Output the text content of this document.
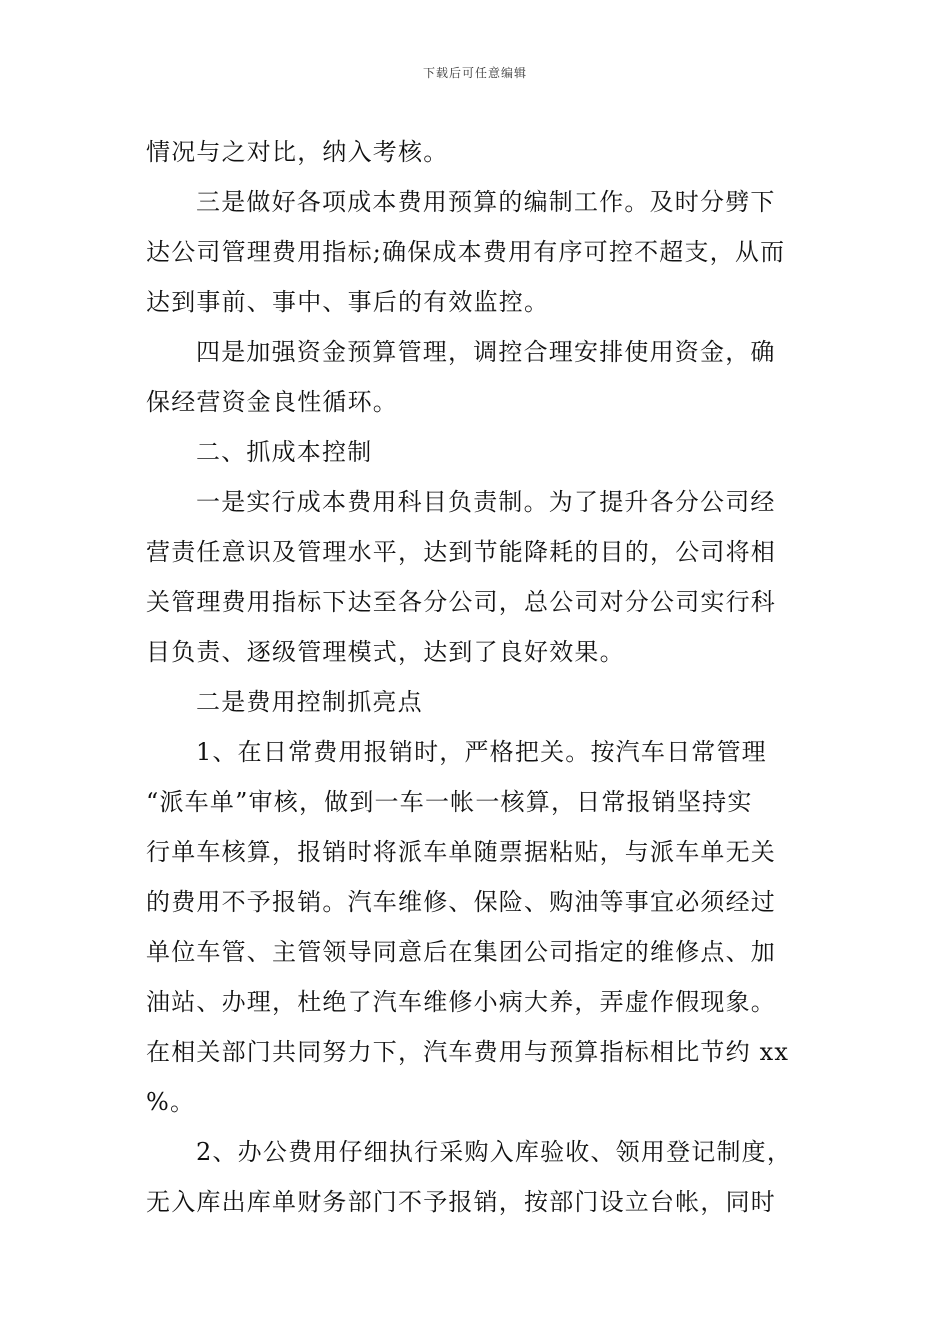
下载后可任意编辑
情况与之对比，纳入考核。
三是做好各项成本费用预算的编制工作。及时分劈下
达公司管理费用指标;确保成本费用有序可控不超支，从而
达到事前、事中、事后的有效监控。
四是加强资金预算管理，调控合理安排使用资金，确
保经营资金良性循环。
二、抓成本控制
一是实行成本费用科目负责制。为了提升各分公司经
营责任意识及管理水平，达到节能降耗的目的，公司将相
关管理费用指标下达至各分公司，总公司对分公司实行科
目负责、逐级管理模式，达到了良好效果。
二是费用控制抓亮点
1、在日常费用报销时，严格把关。按汽车日常管理
“派车单”审核，做到一车一帐一核算，日常报销坚持实
行单车核算，报销时将派车单随票据粘贴，与派车单无关
的费用不予报销。汽车维修、保险、购油等事宜必须经过
单位车管、主管领导同意后在集团公司指定的维修点、加
油站、办理，杜绝了汽车维修小病大养，弄虚作假现象。
在相关部门共同努力下，汽车费用与预算指标相比节约 xx
%。
2、办公费用仔细执行采购入库验收、领用登记制度，
无入库出库单财务部门不予报销，按部门设立台帐，同时
